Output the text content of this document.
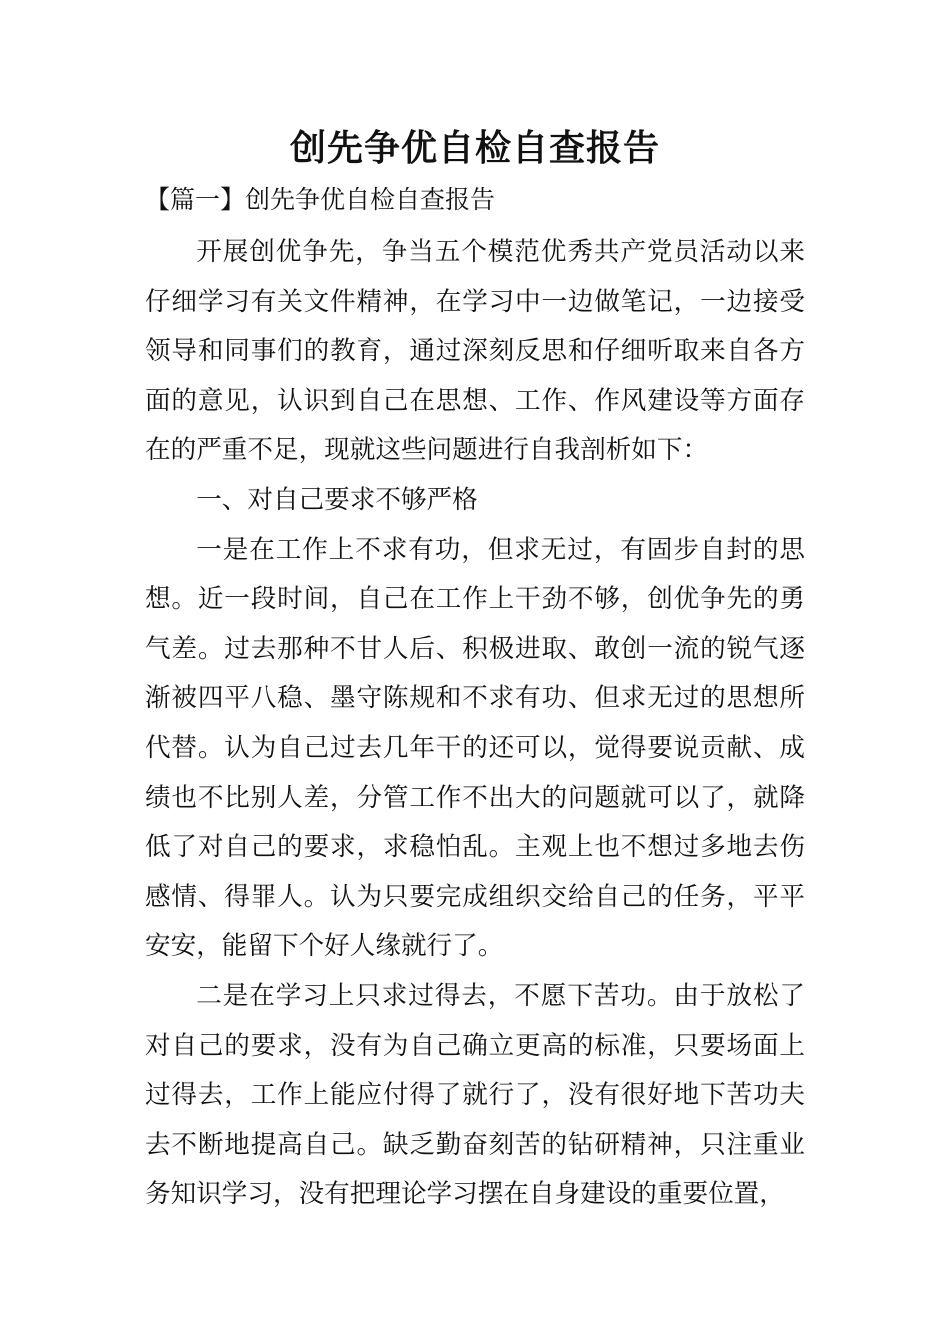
创先争优自检自查报告
【篇一】创先争优自检自查报告

开展创优争先，争当五个模范优秀共产党员活动以来仔细学习有关文件精神，在学习中一边做笔记，一边接受领导和同事们的教育，通过深刻反思和仔细听取来自各方面的意见，认识到自己在思想、工作、作风建设等方面存在的严重不足，现就这些问题进行自我剖析如下：

一、对自己要求不够严格

一是在工作上不求有功，但求无过，有固步自封的思想。近一段时间，自己在工作上干劲不够，创优争先的勇气差。过去那种不甘人后、积极进取、敢创一流的锐气逐渐被四平八稳、墨守陈规和不求有功、但求无过的思想所代替。认为自己过去几年干的还可以，觉得要说贡献、成绩也不比别人差，分管工作不出大的问题就可以了，就降低了对自己的要求，求稳怕乱。主观上也不想过多地去伤感情、得罪人。认为只要完成组织交给自己的任务，平平安安，能留下个好人缘就行了。

二是在学习上只求过得去，不愿下苦功。由于放松了对自己的要求，没有为自己确立更高的标准，只要场面上过得去，工作上能应付得了就行了，没有很好地下苦功夫去不断地提高自己。缺乏勤奋刻苦的钻研精神，只注重业务知识学习，没有把理论学习摆在自身建设的重要位置，
